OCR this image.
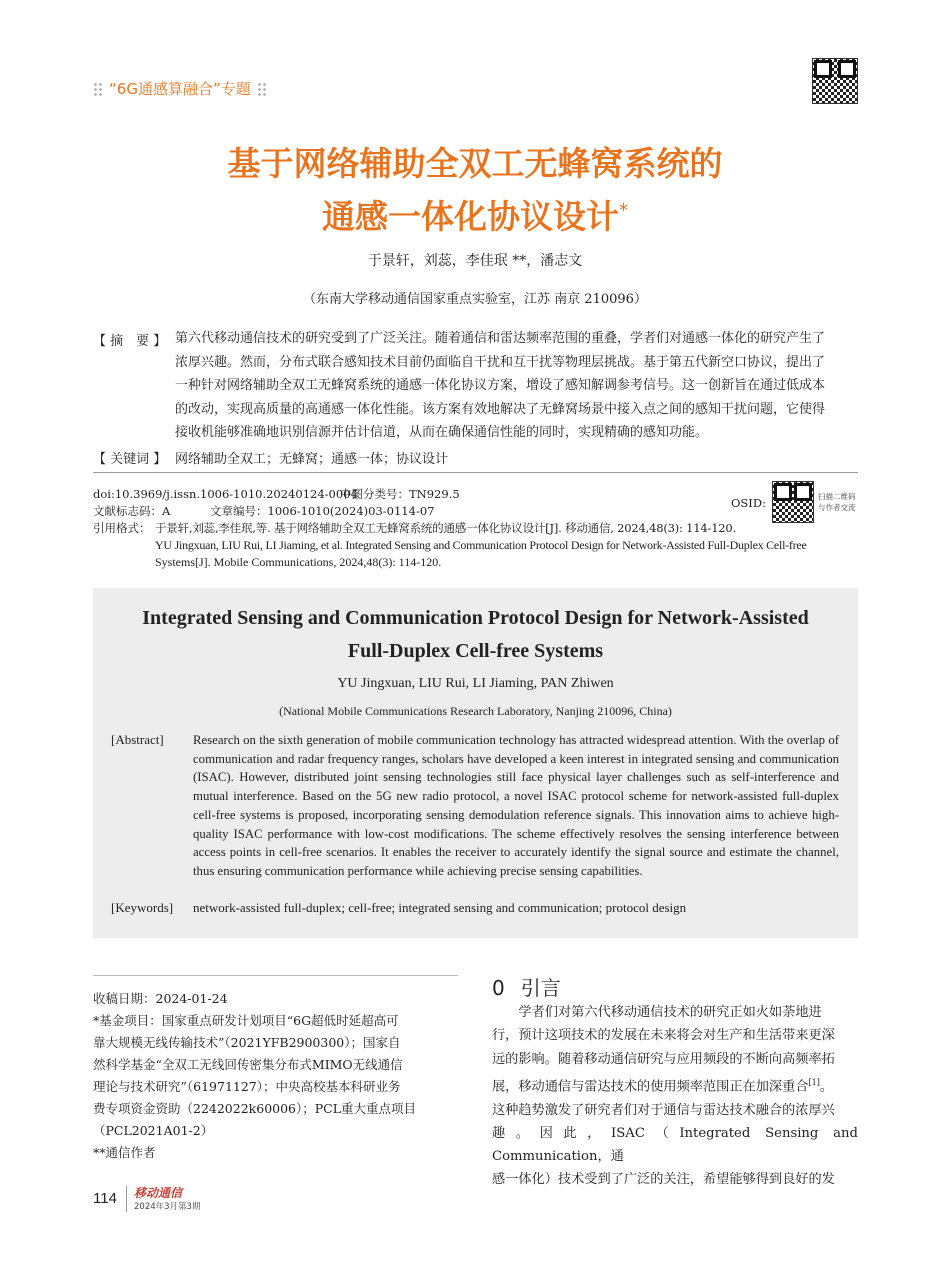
“6G通感算融合”专题
基于网络辅助全双工无蜂窝系统的
通感一体化协议设计*
于景轩，刘蕊，李佳珉 **，潘志文
（东南大学移动通信国家重点实验室，江苏 南京 210096）
【 摘　要 】 第六代移动通信技术的研究受到了广泛关注。随着通信和雷达频率范围的重叠，学者们对通感一体化的研究产生了
浓厚兴趣。然而，分布式联合感知技术目前仍面临自干扰和互干扰等物理层挑战。基于第五代新空口协议，提出了
一种针对网络辅助全双工无蜂窝系统的通感一体化协议方案，增设了感知解调参考信号。这一创新旨在通过低成本
的改动，实现高质量的高通感一体化性能。该方案有效地解决了无蜂窝场景中接入点之间的感知干扰问题，它使得
接收机能够准确地识别信源并估计信道，从而在确保通信性能的同时，实现精确的感知功能。
【 关键词 】 网络辅助全双工；无蜂窝；通感一体；协议设计
doi:10.3969/j.issn.1006-1010.20240124-0004
中图分类号：TN929.5
文献标志码：A	文章编号：1006-1010(2024)03-0114-07
OSID:	扫描二维码
与作者交流
引用格式： 于景轩,刘蕊,李佳珉,等. 基于网络辅助全双工无蜂窝系统的通感一体化协议设计[J]. 移动通信, 2024,48(3): 114-120.
YU Jingxuan, LIU Rui, LI Jiaming, et al. Integrated Sensing and Communication Protocol Design for Network-Assisted Full-Duplex Cell-free
Systems[J]. Mobile Communications, 2024,48(3): 114-120.
Integrated Sensing and Communication Protocol Design for Network-Assisted
Full-Duplex Cell-free Systems
YU Jingxuan, LIU Rui, LI Jiaming, PAN Zhiwen
(National Mobile Communications Research Laboratory, Nanjing 210096, China)
[Abstract] Research on the sixth generation of mobile communication technology has attracted widespread attention. With the overlap of communication and radar frequency ranges, scholars have developed a keen interest in integrated sensing and communication (ISAC). However, distributed joint sensing technologies still face physical layer challenges such as self-interference and mutual interference. Based on the 5G new radio protocol, a novel ISAC protocol scheme for network-assisted full-duplex cell-free systems is proposed, incorporating sensing demodulation reference signals. This innovation aims to achieve high-quality ISAC performance with low-cost modifications. The scheme effectively resolves the sensing interference between access points in cell-free scenarios. It enables the receiver to accurately identify the signal source and estimate the channel, thus ensuring communication performance while achieving precise sensing capabilities.
[Keywords] network-assisted full-duplex; cell-free; integrated sensing and communication; protocol design
收稿日期：2024-01-24
*基金项目：国家重点研发计划项目“6G超低时延超高可
靠大规模无线传输技术”（2021YFB2900300）；国家自
然科学基金“全双工无线回传密集分布式MIMO无线通信
理论与技术研究”（61971127）；中央高校基本科研业务
费专项资金资助（2242022k60006）；PCL重大重点项目
（PCL2021A01-2）
**通信作者
0 引言
学者们对第六代移动通信技术的研究正如火如荼地进
行，预计这项技术的发展在未来将会对生产和生活带来更深
远的影响。随着移动通信研究与应用频段的不断向高频率拓
展，移动通信与雷达技术的使用频率范围正在加深重合[1]。
这种趋势激发了研究者们对于通信与雷达技术融合的浓厚兴
趣。因此，ISAC（Integrated Sensing and Communication，通
感一体化）技术受到了广泛的关注，希望能够得到良好的发
114 移动通信
2024年3月第3期
